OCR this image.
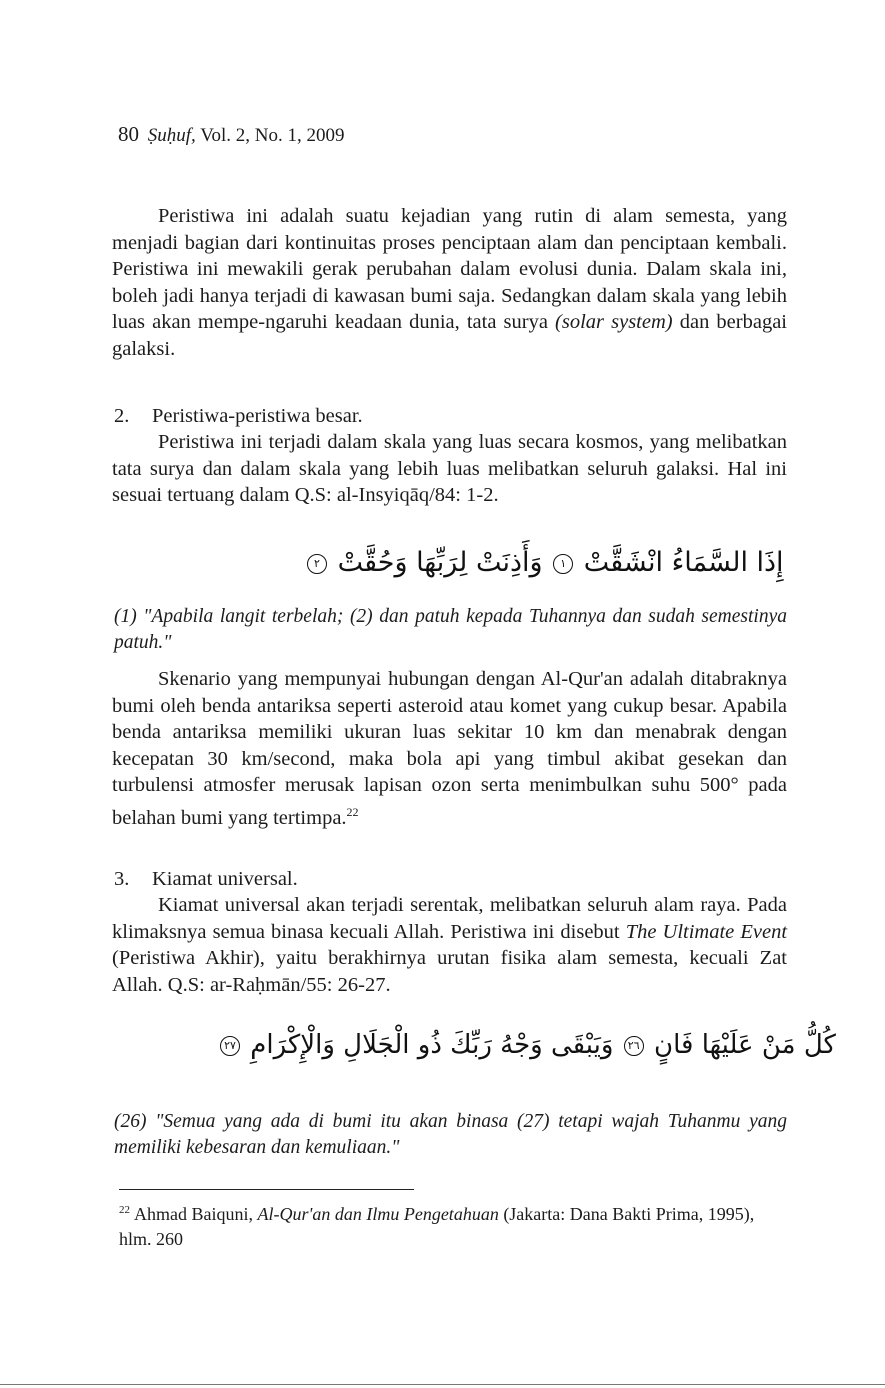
80 Ṣuḥuf, Vol. 2, No. 1, 2009
Peristiwa ini adalah suatu kejadian yang rutin di alam semesta, yang menjadi bagian dari kontinuitas proses penciptaan alam dan penciptaan kembali. Peristiwa ini mewakili gerak perubahan dalam evolusi dunia. Dalam skala ini, boleh jadi hanya terjadi di kawasan bumi saja. Sedangkan dalam skala yang lebih luas akan mempe-ngaruhi keadaan dunia, tata surya (solar system) dan berbagai galaksi.
2. Peristiwa-peristiwa besar.
Peristiwa ini terjadi dalam skala yang luas secara kosmos, yang melibatkan tata surya dan dalam skala yang lebih luas melibatkan seluruh galaksi. Hal ini sesuai tertuang dalam Q.S: al-Insyiqāq/84: 1-2.
إِذَا السَّمَاءُ انْشَقَّتْ ١ وَأَذِنَتْ لِرَبِّهَا وَحُقَّتْ ٢
(1) "Apabila langit terbelah; (2) dan patuh kepada Tuhannya dan sudah semestinya patuh."
Skenario yang mempunyai hubungan dengan Al-Qur'an adalah ditabraknya bumi oleh benda antariksa seperti asteroid atau komet yang cukup besar. Apabila benda antariksa memiliki ukuran luas sekitar 10 km dan menabrak dengan kecepatan 30 km/second, maka bola api yang timbul akibat gesekan dan turbulensi atmosfer merusak lapisan ozon serta menimbulkan suhu 500° pada belahan bumi yang tertimpa.$^{22}$
3. Kiamat universal.
Kiamat universal akan terjadi serentak, melibatkan seluruh alam raya. Pada klimaksnya semua binasa kecuali Allah. Peristiwa ini disebut The Ultimate Event (Peristiwa Akhir), yaitu berakhirnya urutan fisika alam semesta, kecuali Zat Allah. Q.S: ar-Raḥmān/55: 26-27.
كُلُّ مَنْ عَلَيْهَا فَانٍ ٢٦ وَيَبْقَى وَجْهُ رَبِّكَ ذُو الْجَلَالِ وَالْإِكْرَامِ ٢٧
(26) "Semua yang ada di bumi itu akan binasa (27) tetapi wajah Tuhanmu yang memiliki kebesaran dan kemuliaan."
$^{22}$ Ahmad Baiquni, Al-Qur'an dan Ilmu Pengetahuan (Jakarta: Dana Bakti Prima, 1995), hlm. 260
